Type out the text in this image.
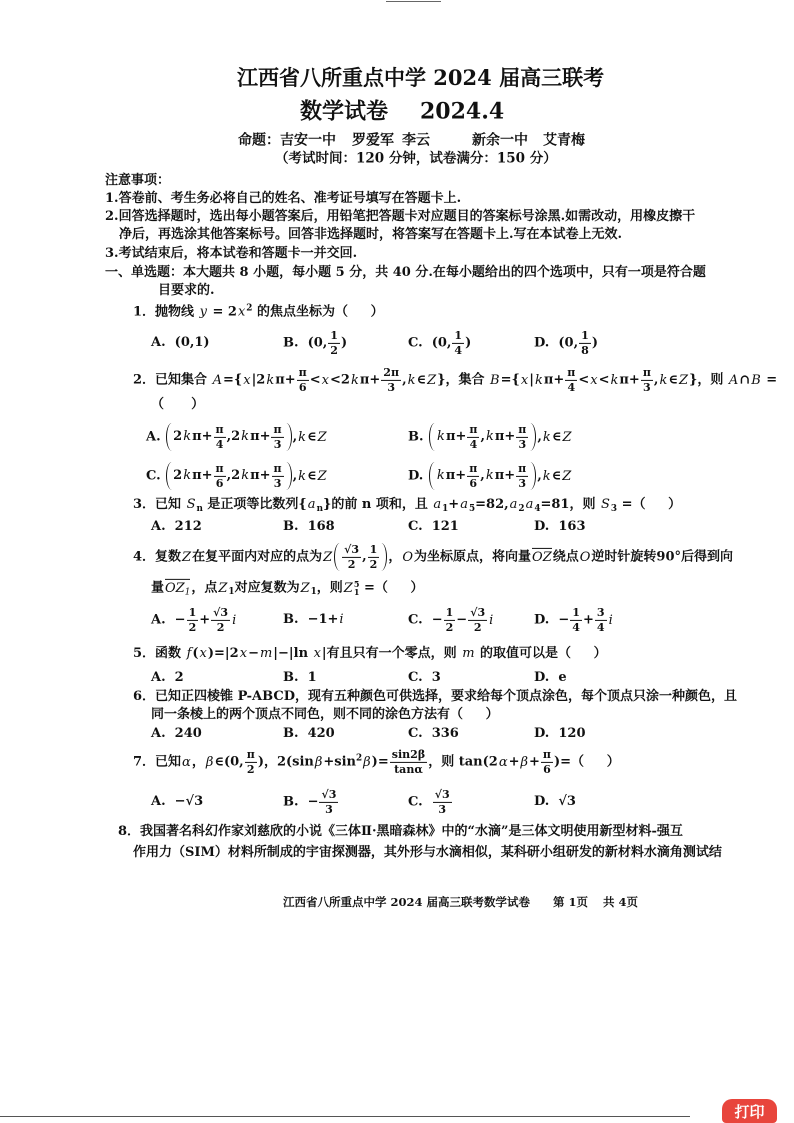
江西省八所重点中学 2024 届高三联考
数学试卷 2024.4
命题：吉安一中 罗爱军 李云	新余一中 艾青梅
（考试时间：120 分钟，试卷满分：150 分）
注意事项：
1.答卷前、考生务必将自己的姓名、准考证号填写在答题卡上.
2.回答选择题时，选出每小题答案后，用铅笔把答题卡对应题目的答案标号涂黑.如需改动，用橡皮擦干
净后，再选涂其他答案标号。回答非选择题时，将答案写在答题卡上.写在本试卷上无效.
3.考试结束后，将本试卷和答题卡一并交回.
一、单选题：本大题共 8 小题，每小题 5 分，共 40 分.在每小题给出的四个选项中，只有一项是符合题
目要求的.
1．抛物线 $y = 2x^2$ 的焦点坐标为（     ）
A.  (0,1)	B.  (0, $\frac{1}{2}$ )	C.  (0, $\frac{1}{4}$ )	D.  (0, $\frac{1}{8}$ )
2．已知集合 $A=\{x|2k\pi+ \frac{\pi}{6} <x<2k\pi+ \frac{2\pi}{3}$ ,k∈Z}，集合 $B=\{x|k\pi+ \frac{\pi}{4} <x<k\pi+ \frac{\pi}{3}$ ,k∈Z}，则 A∩B =
（      ）
A. 2 k $\pi+ \frac{\pi}{4} ,2$ k $\pi+ \frac{\pi}{3}$ ,k∈Z	B. k $\pi+ \frac{\pi}{4}$ , k $\pi+ \frac{\pi}{3}$ ,k∈Z
C. 2 k $\pi+ \frac{\pi}{6} ,2$ k $\pi+ \frac{\pi}{3}$ ,k∈Z	D. k $\pi+ \frac{\pi}{6}$ , k $\pi+ \frac{\pi}{3}$ ,k∈Z
3．已知 $S_n$ 是正项等比数列$\{a_n\}$的前 n 项和，且 $a_1+a_5=82,a_2a_4=81$，则 $S_3$ =（     ）
A.  212	B.  168	C.  121	D.  163
4．复数Z在复平面内对应的点为Z $\frac{√3}{2}$ , $\frac{1}{2}$ ，O为坐标原点，将向量OZ绕点O逆时针旋转90°后得到向
量$OZ_1$，点$Z_1$对应复数为$Z_1$，则Z 1
5 =（     ）
A.  − $\frac{1}{2} + \frac{√3}{2}$ i	B.  −1+i	C.  − $\frac{1}{2} - \frac{√3}{2}$ i	D.  − $\frac{1}{4} + \frac{3}{4}$ i
5．函数 f(x)=|2x−m|−|ln x|有且只有一个零点，则 m 的取值可以是（     ）
A.  2	B.  1	C.  3	D.  e
6．已知正四棱锥 P-ABCD，现有五种颜色可供选择，要求给每个顶点涂色，每个顶点只涂一种颜色，且
同一条棱上的两个顶点不同色，则不同的涂色方法有（     ）
A.  240	B.  420	C.  336	D.  120
7．已知α，β∈(0, $\frac{\pi}{2}$ )，$2(\sin\beta+\sin^2\beta)= \frac{\sin 2\beta}{\tan\alpha}$ ，则 $\tan(2\alpha+\beta+ \frac{\pi}{6}$ )=（     ）
A.  −√3	B.  − $\frac{√3}{3}$	C. $\frac{√3}{3}$	D.  √3
8．我国著名科幻作家刘慈欣的小说《三体Ⅱ·黑暗森林》中的“水滴”是三体文明使用新型材料-强互
作用力（SIM）材料所制成的宇宙探测器，其外形与水滴相似，某科研小组研发的新材料水滴角测试结
江西省八所重点中学 2024 届高三联考数学试卷 第 1页 共 4页
打印
